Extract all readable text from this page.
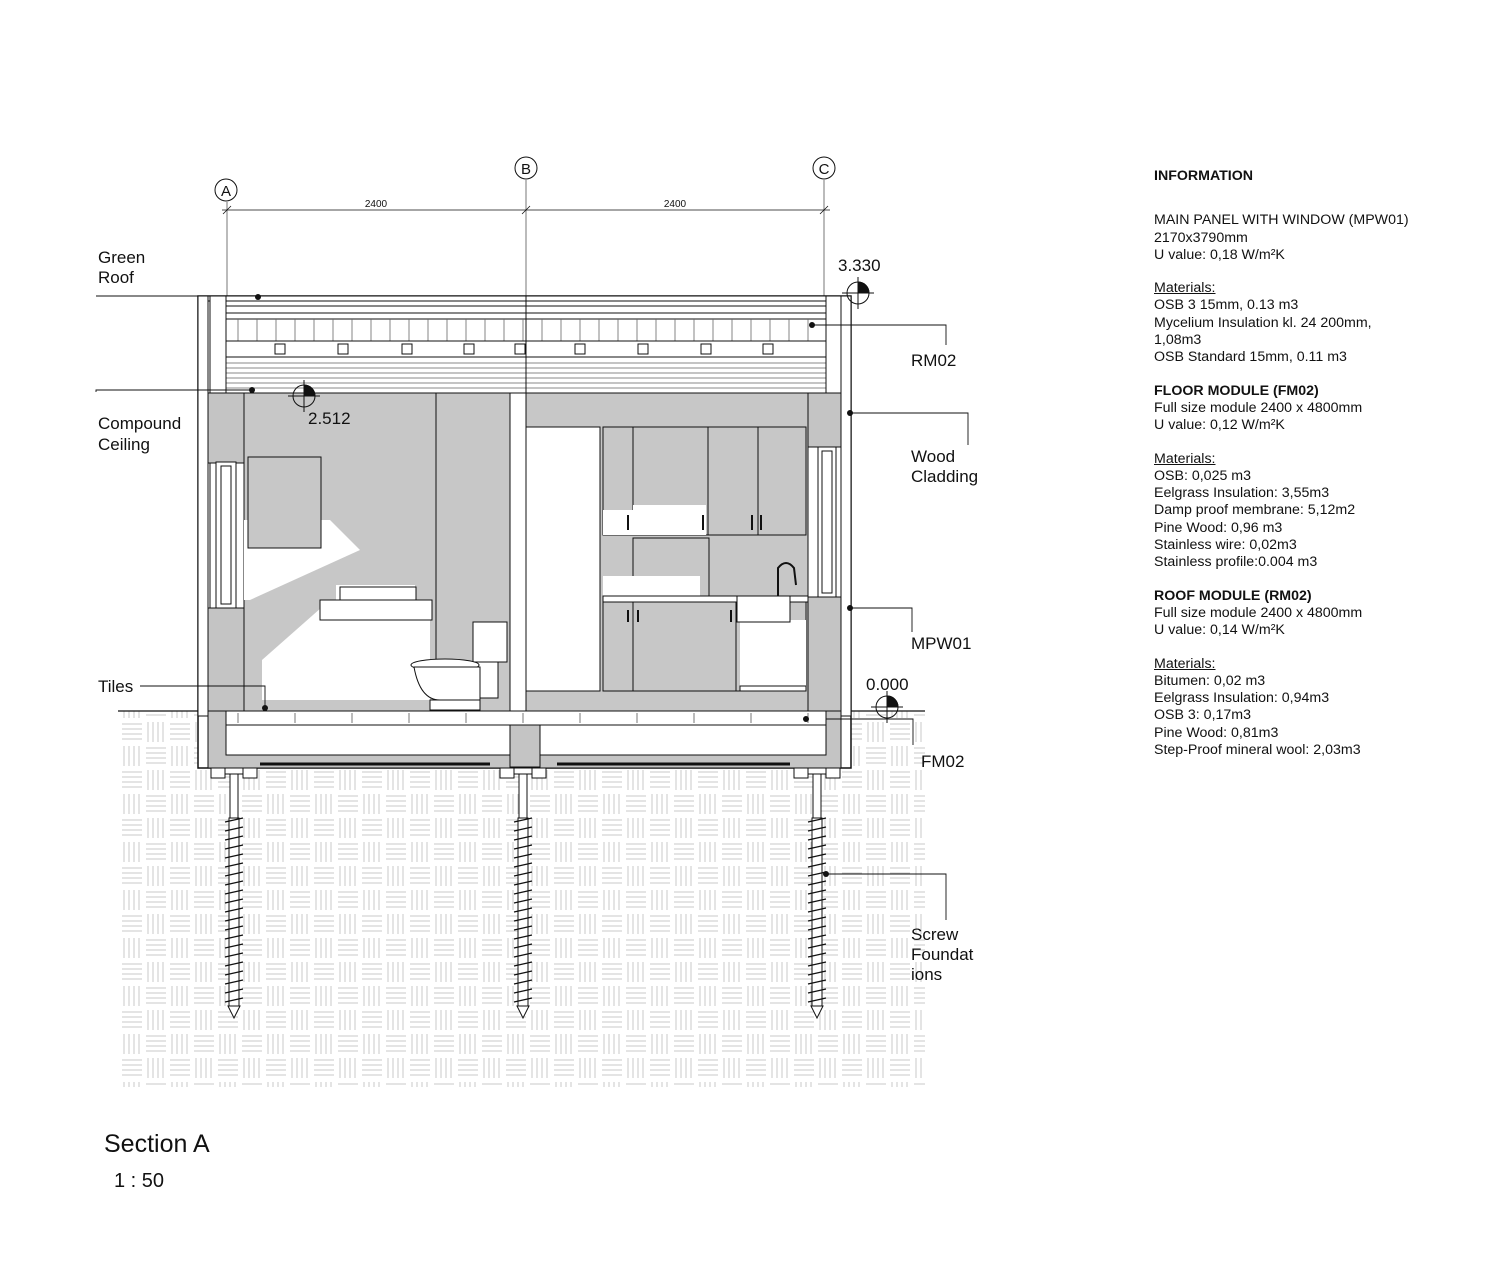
A
B	C
2400	2400
3.330
2.512
0.000
Green
Roof
Compound
Ceiling
Tiles
RM02
Wood
Cladding
MPW01
FM02
Screw
Foundat
ions
INFORMATION
MAIN PANEL WITH WINDOW (MPW01)
2170x3790mm
U value: 0,18 W/m²K
Materials:
OSB 3 15mm, 0.13 m3
Mycelium Insulation kl. 24 200mm,
1,08m3
OSB Standard 15mm, 0.11 m3
FLOOR MODULE (FM02)
Full size module 2400 x 4800mm
U value: 0,12 W/m²K
Materials:
OSB: 0,025 m3
Eelgrass Insulation: 3,55m3
Damp proof membrane: 5,12m2
Pine Wood: 0,96 m3
Stainless wire: 0,02m3
Stainless profile:0.004 m3
ROOF MODULE (RM02)
Full size module 2400 x 4800mm
U value: 0,14 W/m²K
Materials:
Bitumen: 0,02 m3
Eelgrass Insulation: 0,94m3
OSB 3: 0,17m3
Pine Wood: 0,81m3
Step-Proof mineral wool: 2,03m3
Section A
1 : 50
